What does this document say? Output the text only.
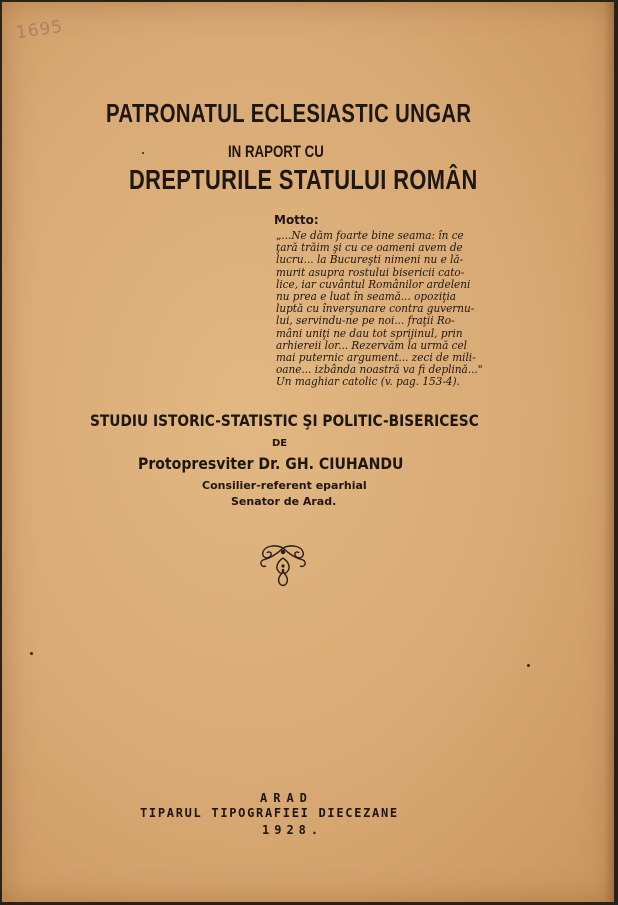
1695
PATRONATUL ECLESIASTIC UNGAR
IN RAPORT CU
DREPTURILE STATULUI ROMÂN
Motto:
„...Ne dăm foarte bine seama: în ce
ţară trăim şi cu ce oameni avem de
lucru... la Bucureşti nimeni nu e lă-
murit asupra rostului bisericii cato-
lice, iar cuvântul Românilor ardeleni
nu prea e luat în seamă... opoziţia
luptă cu înverşunare contra guvernu-
lui, servindu-ne pe noi... fraţii Ro-
mâni uniţi ne dau tot sprijinul, prin
arhiereii lor... Rezervăm la urmă cel
mai puternic argument... zeci de mili-
oane... izbânda noastră va fi deplină..."
Un maghiar catolic (v. pag. 153-4).
STUDIU ISTORIC-STATISTIC ŞI POLITIC-BISERICESC
DE
Protopresviter Dr. GH. CIUHANDU
Consilier-referent eparhial
Senator de Arad.
ARAD
TIPARUL TIPOGRAFIEI DIECEZANE
1928.
